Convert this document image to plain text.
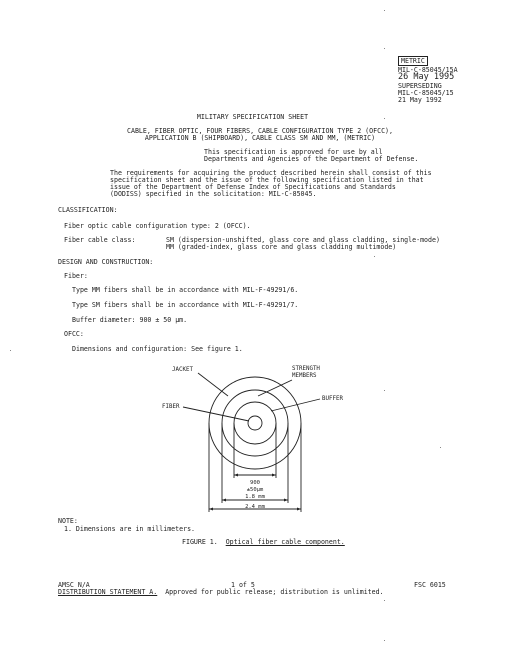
METRIC
MIL-C-85045/15A
26 May 1995
SUPERSEDING
MIL-C-85045/15
21 May 1992
MILITARY SPECIFICATION SHEET
CABLE, FIBER OPTIC, FOUR FIBERS, CABLE CONFIGURATION TYPE 2 (OFCC),
APPLICATION B (SHIPBOARD), CABLE CLASS SM AND MM, (METRIC)
This specification is approved for use by all
Departments and Agencies of the Department of Defense.
The requirements for acquiring the product described herein shall consist of this
specification sheet and the issue of the following specification listed in that
issue of the Department of Defense Index of Specifications and Standards
(DODISS) specified in the solicitation: MIL-C-85045.
CLASSIFICATION:
Fiber optic cable configuration type: 2 (OFCC).
Fiber cable class:	SM (dispersion-unshifted, glass core and glass cladding, single-mode)
MM (graded-index, glass core and glass cladding multimode)
DESIGN AND CONSTRUCTION:
Fiber:
Type MM fibers shall be in accordance with MIL-F-49291/6.
Type SM fibers shall be in accordance with MIL-F-49291/7.
Buffer diameter: 900 ± 50 μm.
OFCC:
Dimensions and configuration: See figure 1.
JACKET	STRENGTH
MEMBERS
BUFFER
FIBER
900
±50μm
1.8 mm
2.4 mm
NOTE:
1. Dimensions are in millimeters.
FIGURE 1. Optical fiber cable component.
AMSC N/A	1 of 5	FSC 6015
DISTRIBUTION STATEMENT A. Approved for public release; distribution is unlimited.
